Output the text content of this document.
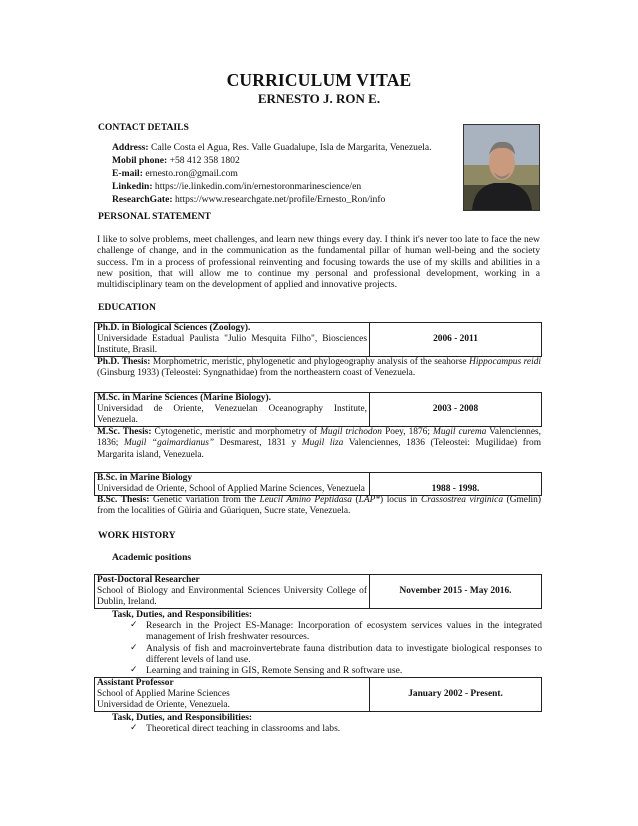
CURRICULUM VITAE
ERNESTO J. RON E.
CONTACT DETAILS
Address: Calle Costa el Agua, Res. Valle Guadalupe, Isla de Margarita, Venezuela.
Mobil phone: +58 412 358 1802
E-mail: ernesto.ron@gmail.com
Linkedin: https://ie.linkedin.com/in/ernestoronmarinescience/en
ResearchGate: https://www.researchgate.net/profile/Ernesto_Ron/info
PERSONAL STATEMENT
I like to solve problems, meet challenges, and learn new things every day. I think it's never too late to face the new challenge of change, and in the communication as the fundamental pillar of human well-being and the society success. I'm in a process of professional reinventing and focusing towards the use of my skills and abilities in a new position, that will allow me to continue my personal and professional development, working in a multidisciplinary team on the development of applied and innovative projects.
EDUCATION
Ph.D. in Biological Sciences (Zoology).
Universidade Estadual Paulista "Julio Mesquita Filho", Biosciences Institute, Brasil.	2006 - 2011
Ph.D. Thesis: Morphometric, meristic, phylogenetic and phylogeography analysis of the seahorse Hippocampus reidi (Ginsburg 1933) (Teleostei: Syngnathidae) from the northeastern coast of Venezuela.
M.Sc. in Marine Sciences (Marine Biology).
Universidad de Oriente, Venezuelan Oceanography Institute, Venezuela.	2003 - 2008
M.Sc. Thesis: Cytogenetic, meristic and morphometry of Mugil trichodon Poey, 1876; Mugil curema Valenciennes, 1836; Mugil “gaimardianus” Desmarest, 1831 y Mugil liza Valenciennes, 1836 (Teleostei: Mugilidae) from Margarita island, Venezuela.
B.Sc. in Marine Biology
Universidad de Oriente, School of Applied Marine Sciences, Venezuela	1988 - 1998.
B.Sc. Thesis: Genetic variation from the Leucil Amino Peptidasa (LAP*) locus in Crassostrea virginica (Gmelin) from the localities of Güiria and Güariquen, Sucre state, Venezuela.
WORK HISTORY
Academic positions
Post-Doctoral Researcher
School of Biology and Environmental Sciences University College of Dublin, Ireland.	November 2015 - May 2016.
Task, Duties, and Responsibilities:
✓ Research in the Project ES-Manage: Incorporation of ecosystem services values in the integrated management of Irish freshwater resources.
✓ Analysis of fish and macroinvertebrate fauna distribution data to investigate biological responses to different levels of land use.
✓ Learning and training in GIS, Remote Sensing and R software use.
Assistant Professor
School of Applied Marine Sciences
Universidad de Oriente, Venezuela.	January 2002 - Present.
Task, Duties, and Responsibilities:
✓ Theoretical direct teaching in classrooms and labs.
